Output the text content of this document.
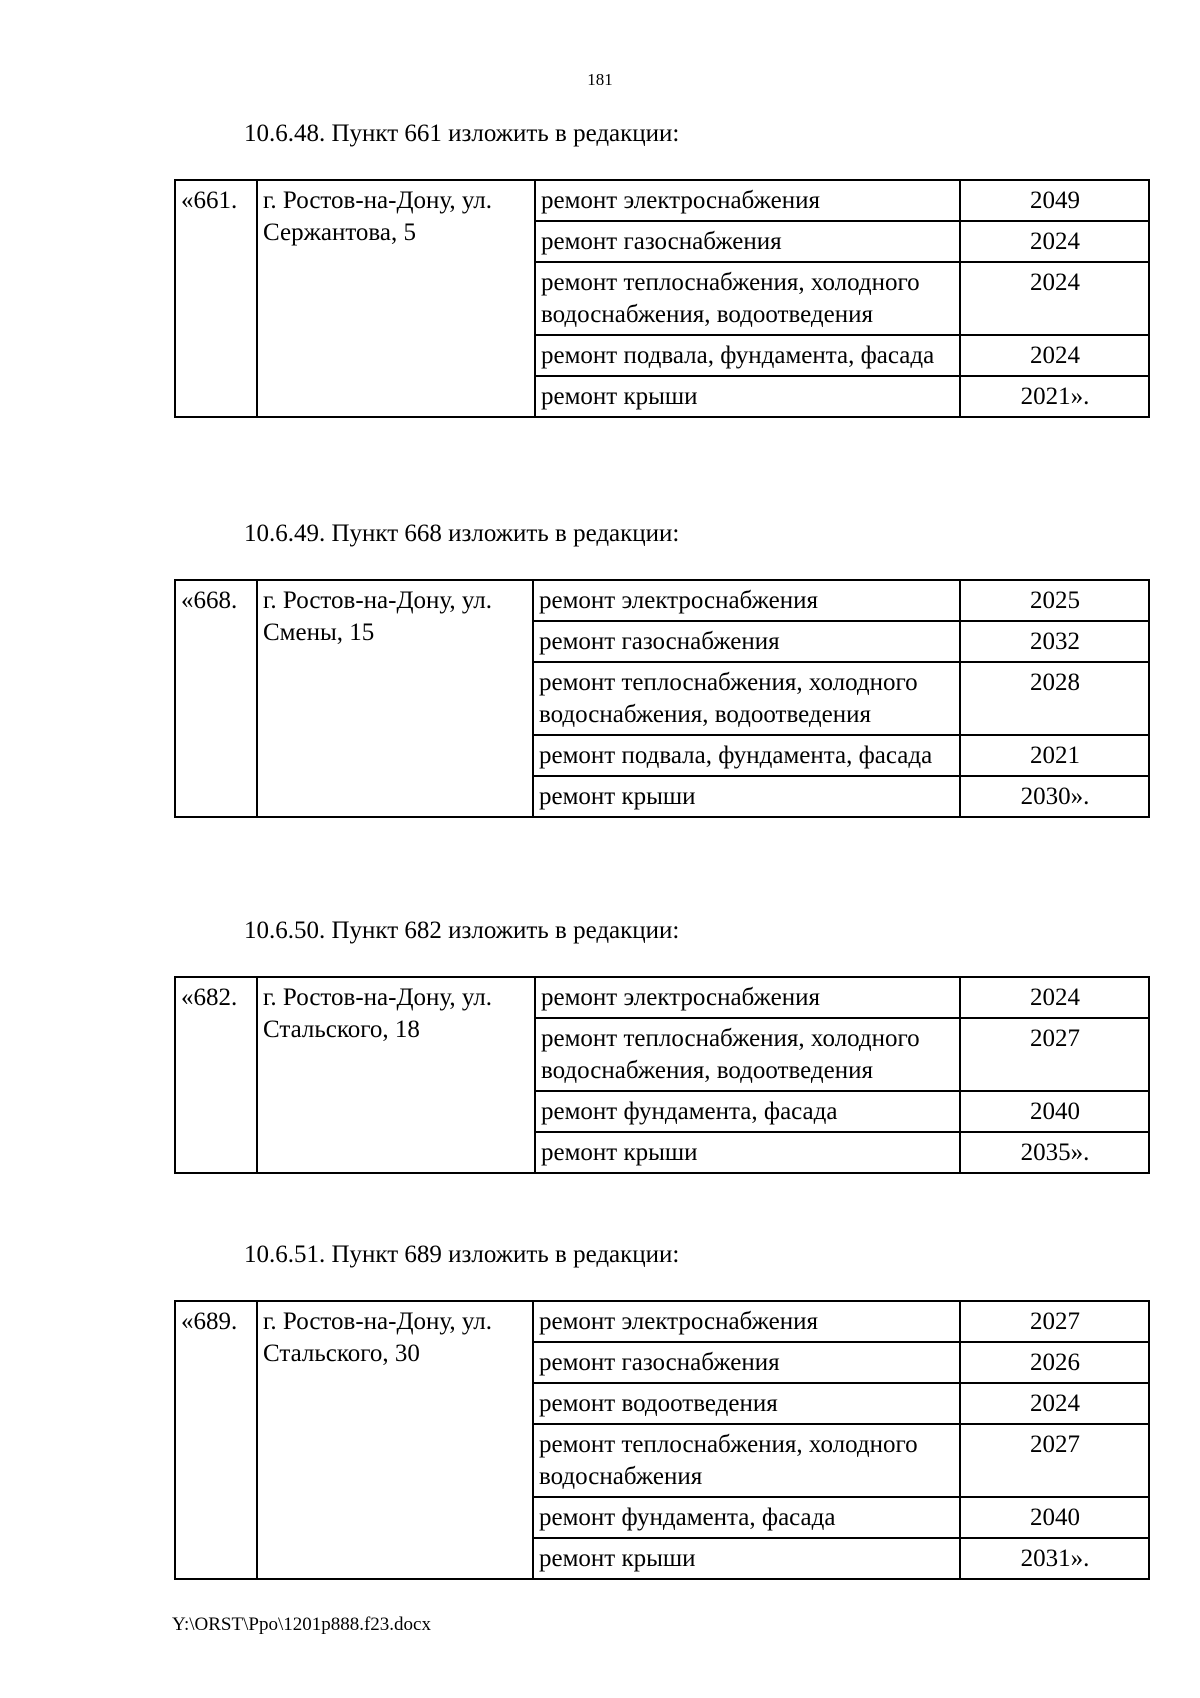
181
10.6.48. Пункт 661 изложить в редакции:
«661.	г. Ростов-на-Дону, ул. Сержантова, 5	ремонт электроснабжения	2049
		ремонт газоснабжения	2024
		ремонт теплоснабжения, холодного водоснабжения, водоотведения	2024
		ремонт подвала, фундамента, фасада	2024
		ремонт крыши	2021».
10.6.49. Пункт 668 изложить в редакции:
«668.	г. Ростов-на-Дону, ул. Смены, 15	ремонт электроснабжения	2025
		ремонт газоснабжения	2032
		ремонт теплоснабжения, холодного водоснабжения, водоотведения	2028
		ремонт подвала, фундамента, фасада	2021
		ремонт крыши	2030».
10.6.50. Пункт 682 изложить в редакции:
«682.	г. Ростов-на-Дону, ул. Стальского, 18	ремонт электроснабжения	2024
		ремонт теплоснабжения, холодного водоснабжения, водоотведения	2027
		ремонт фундамента, фасада	2040
		ремонт крыши	2035».
10.6.51. Пункт 689 изложить в редакции:
«689.	г. Ростов-на-Дону, ул. Стальского, 30	ремонт электроснабжения	2027
		ремонт газоснабжения	2026
		ремонт водоотведения	2024
		ремонт теплоснабжения, холодного водоснабжения	2027
		ремонт фундамента, фасада	2040
		ремонт крыши	2031».
Y:\ORST\Ppo\1201p888.f23.docx
